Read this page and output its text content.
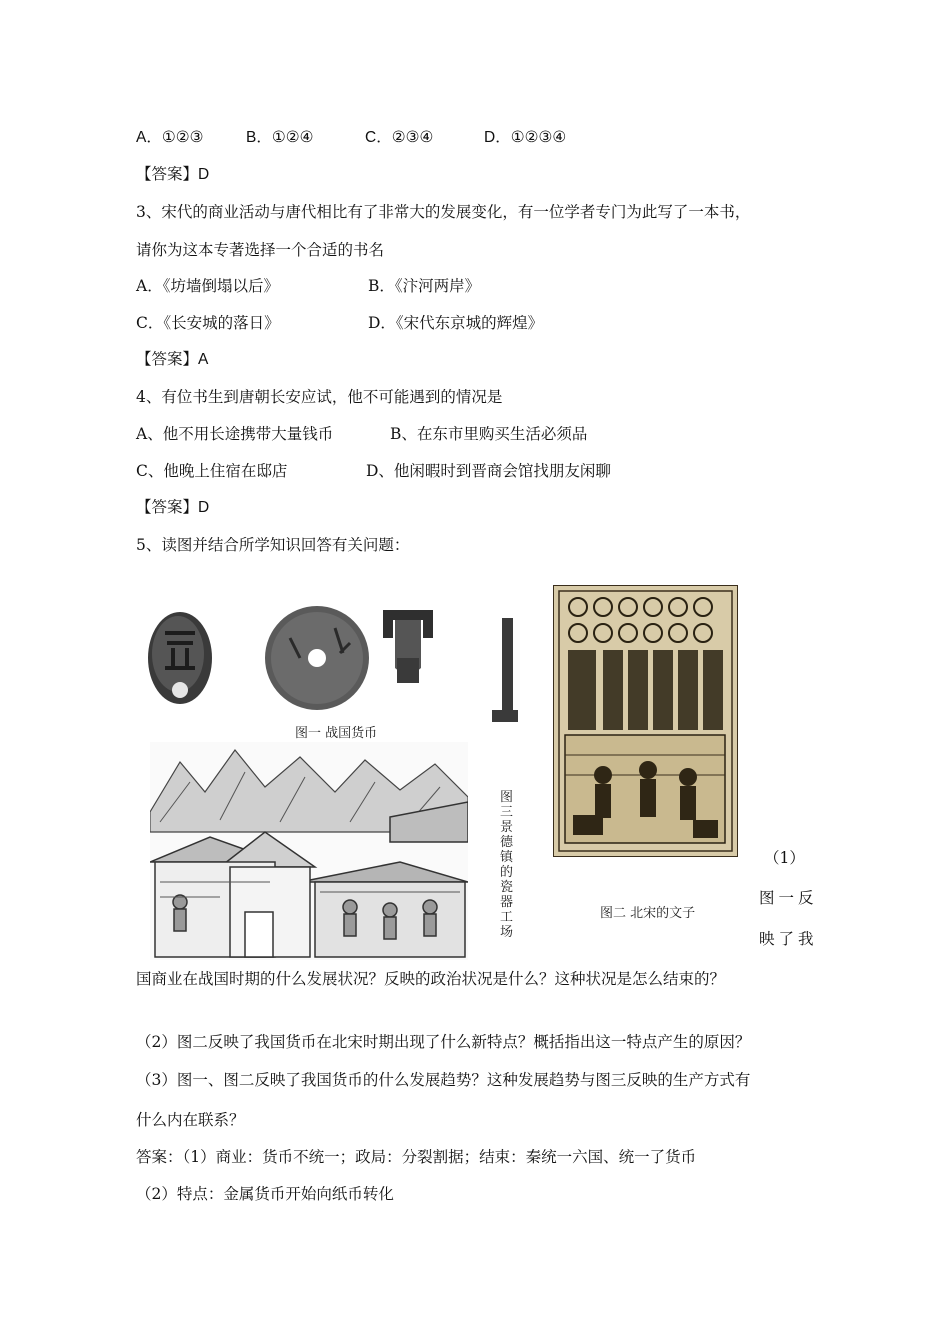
A．①②③	B．①②④	C．②③④	D．①②③④
【答案】D
3、宋代的商业活动与唐代相比有了非常大的发展变化，有一位学者专门为此写了一本书，
请你为这本专著选择一个合适的书名
A．《坊墙倒塌以后》	B．《汴河两岸》
C．《长安城的落日》	D．《宋代东京城的辉煌》
【答案】A
4、有位书生到唐朝长安应试，他不可能遇到的情况是
A、他不用长途携带大量钱币	B、在东市里购买生活必须品
C、他晚上住宿在邸店	D、他闲暇时到晋商会馆找朋友闲聊
【答案】D
5、读图并结合所学知识回答有关问题：
图一 战国货币
图三 景德镇的瓷器工场
图二 北宋的文子
（1）
图一反
映了我
国商业在战国时期的什么发展状况？反映的政治状况是什么？这种状况是怎么结束的？
（2）图二反映了我国货币在北宋时期出现了什么新特点？概括指出这一特点产生的原因？
（3）图一、图二反映了我国货币的什么发展趋势？这种发展趋势与图三反映的生产方式有
什么内在联系？
答案：（1）商业：货币不统一；政局：分裂割据；结束：秦统一六国、统一了货币
（2）特点：金属货币开始向纸币转化
